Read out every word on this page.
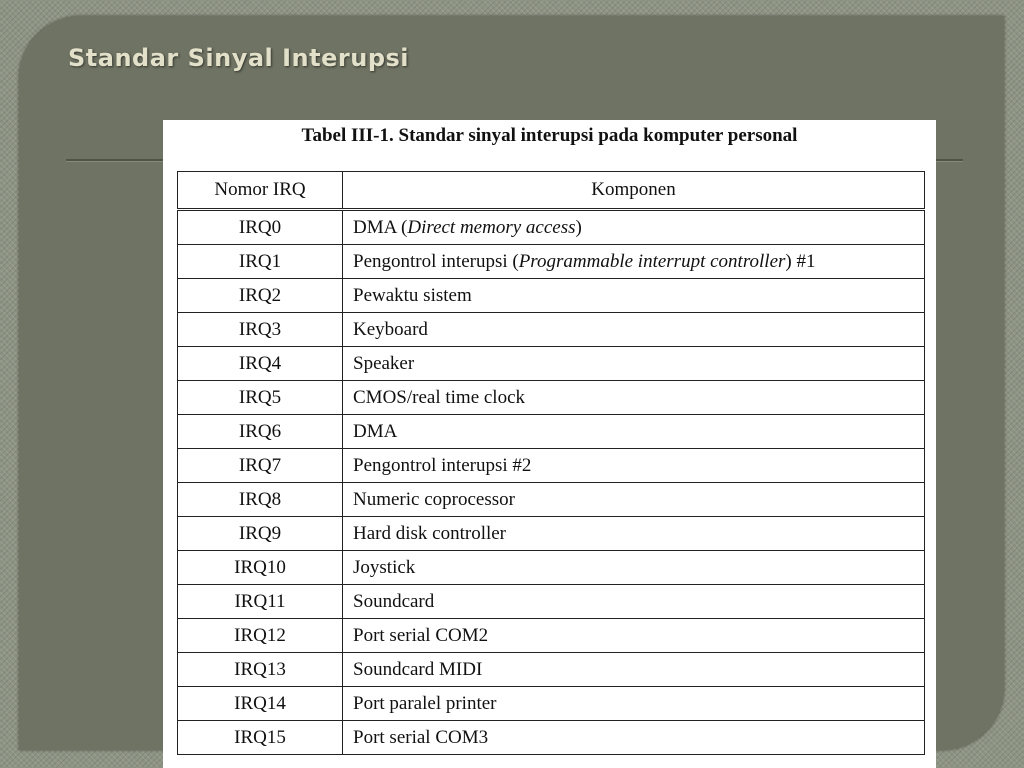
Standar Sinyal Interupsi
Tabel III-1. Standar sinyal interupsi pada komputer personal
Nomor IRQ	Komponen
IRQ0	DMA (Direct memory access)
IRQ1	Pengontrol interupsi (Programmable interrupt controller) #1
IRQ2	Pewaktu sistem
IRQ3	Keyboard
IRQ4	Speaker
IRQ5	CMOS/real time clock
IRQ6	DMA
IRQ7	Pengontrol interupsi #2
IRQ8	Numeric coprocessor
IRQ9	Hard disk controller
IRQ10	Joystick
IRQ11	Soundcard
IRQ12	Port serial COM2
IRQ13	Soundcard MIDI
IRQ14	Port paralel printer
IRQ15	Port serial COM3
